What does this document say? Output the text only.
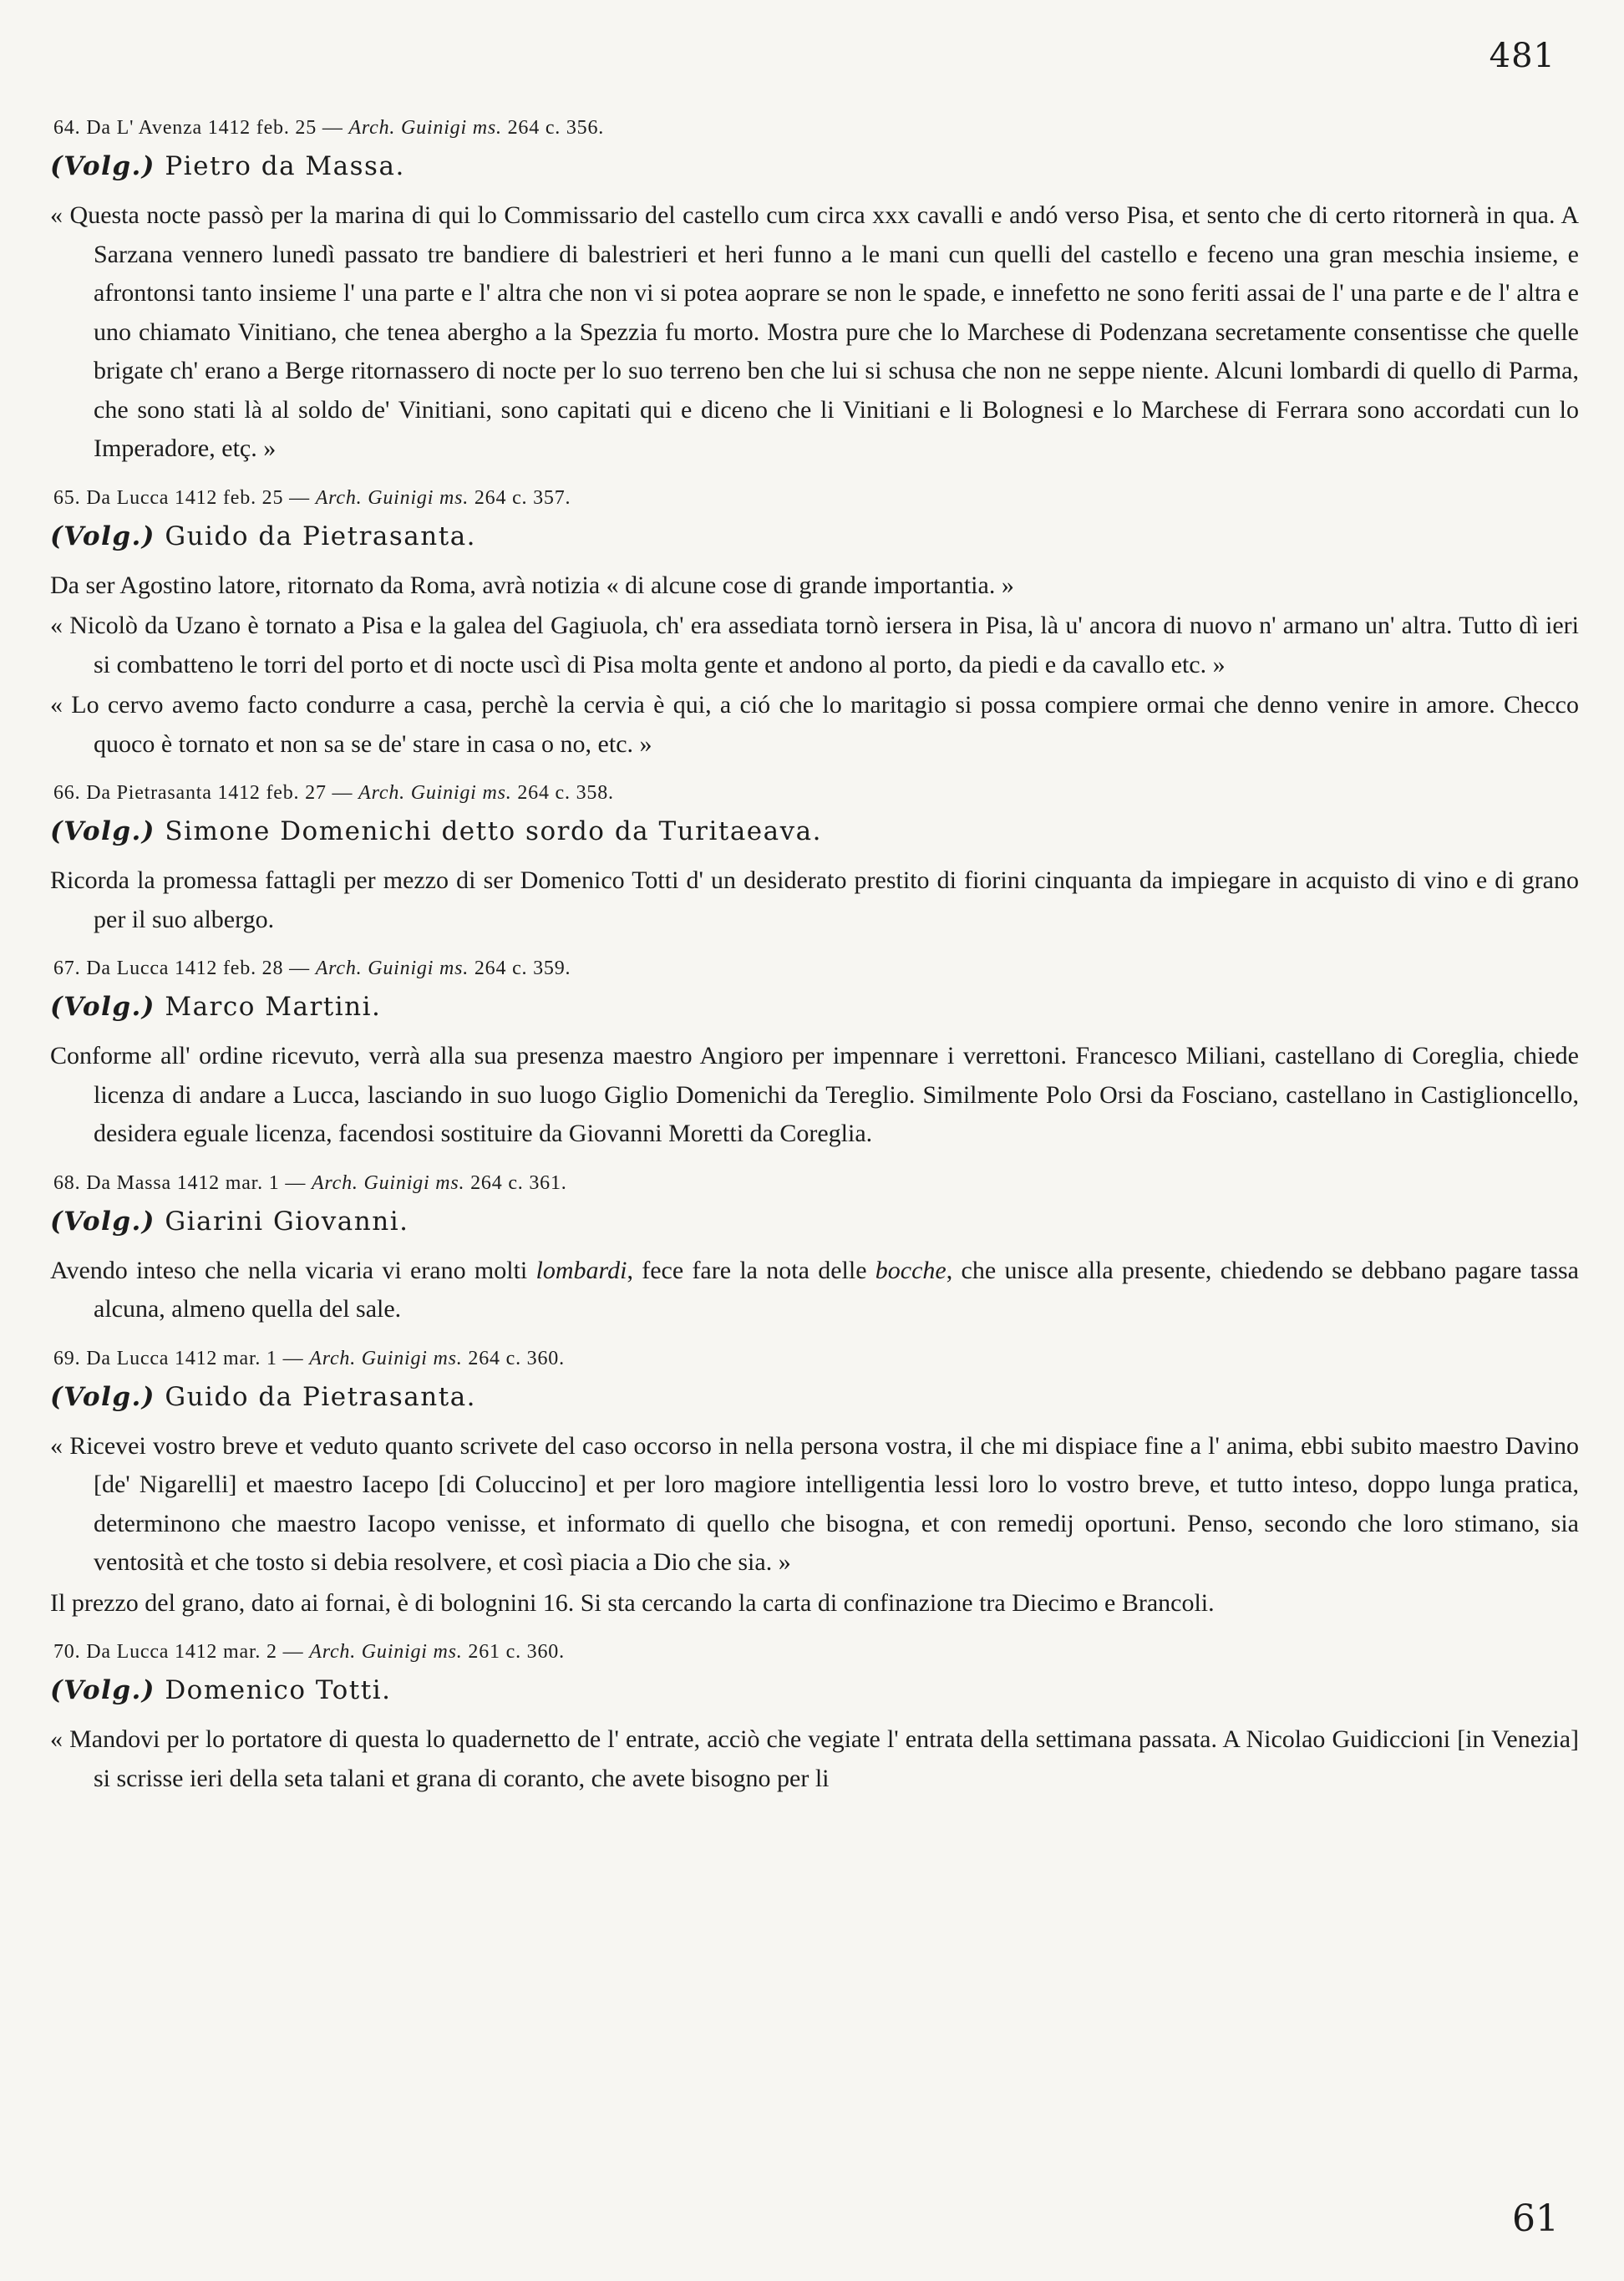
481
64. Da L' Avenza 1412 feb. 25 — Arch. Guinigi ms. 264 c. 356.
(Volg.) Pietro da Massa.

« Questa nocte passò per la marina di qui lo Commissario del castello cum circa xxx cavalli e andó verso Pisa, et sento che di certo ritornerà in qua. A Sarzana vennero lunedì passato tre bandiere di balestrieri et heri funno a le mani cun quelli del castello e feceno una gran meschia insieme, e afrontonsi tanto insieme l' una parte e l' altra che non vi si potea aoprare se non le spade, e innefetto ne sono feriti assai de l' una parte e de l' altra e uno chiamato Vinitiano, che tenea abergho a la Spezzia fu morto. Mostra pure che lo Marchese di Podenzana secretamente consentisse che quelle brigate ch' erano a Berge ritornassero di nocte per lo suo terreno ben che lui si schusa che non ne seppe niente. Alcuni lombardi di quello di Parma, che sono stati là al soldo de' Vinitiani, sono capitati qui e diceno che li Vinitiani e li Bolognesi e lo Marchese di Ferrara sono accordati cun lo Imperadore, etç. »

65. Da Lucca 1412 feb. 25 — Arch. Guinigi ms. 264 c. 357.
(Volg.) Guido da Pietrasanta.

Da ser Agostino latore, ritornato da Roma, avrà notizia « di alcune cose di grande importantia. »

« Nicolò da Uzano è tornato a Pisa e la galea del Gagiuola, ch' era assediata tornò iersera in Pisa, là u' ancora di nuovo n' armano un' altra. Tutto dì ieri si combatteno le torri del porto et di nocte uscì di Pisa molta gente et andono al porto, da piedi e da cavallo etc. »

« Lo cervo avemo facto condurre a casa, perchè la cervia è qui, a ció che lo maritagio si possa compiere ormai che denno venire in amore. Checco quoco è tornato et non sa se de' stare in casa o no, etc. »

66. Da Pietrasanta 1412 feb. 27 — Arch. Guinigi ms. 264 c. 358.
(Volg.) Simone Domenichi detto sordo da Turitaeava.

Ricorda la promessa fattagli per mezzo di ser Domenico Totti d' un desiderato prestito di fiorini cinquanta da impiegare in acquisto di vino e di grano per il suo albergo.

67. Da Lucca 1412 feb. 28 — Arch. Guinigi ms. 264 c. 359.
(Volg.) Marco Martini.

Conforme all' ordine ricevuto, verrà alla sua presenza maestro Angioro per impennare i verrettoni. Francesco Miliani, castellano di Coreglia, chiede licenza di andare a Lucca, lasciando in suo luogo Giglio Domenichi da Tereglio. Similmente Polo Orsi da Fosciano, castellano in Castiglioncello, desidera eguale licenza, facendosi sostituire da Giovanni Moretti da Coreglia.

68. Da Massa 1412 mar. 1 — Arch. Guinigi ms. 264 c. 361.
(Volg.) Giarini Giovanni.

Avendo inteso che nella vicaria vi erano molti lombardi, fece fare la nota delle bocche, che unisce alla presente, chiedendo se debbano pagare tassa alcuna, almeno quella del sale.

69. Da Lucca 1412 mar. 1 — Arch. Guinigi ms. 264 c. 360.
(Volg.) Guido da Pietrasanta.

« Ricevei vostro breve et veduto quanto scrivete del caso occorso in nella persona vostra, il che mi dispiace fine a l' anima, ebbi subito maestro Davino [de' Nigarelli] et maestro Iacepo [di Coluccino] et per loro magiore intelligentia lessi loro lo vostro breve, et tutto inteso, doppo lunga pratica, determinono che maestro Iacopo venisse, et informato di quello che bisogna, et con remedij oportuni. Penso, secondo che loro stimano, sia ventosità et che tosto si debia resolvere, et così piacia a Dio che sia. »

Il prezzo del grano, dato ai fornai, è di bolognini 16. Si sta cercando la carta di confinazione tra Diecimo e Brancoli.

70. Da Lucca 1412 mar. 2 — Arch. Guinigi ms. 261 c. 360.
(Volg.) Domenico Totti.

« Mandovi per lo portatore di questa lo quadernetto de l' entrate, acciò che vegiate l' entrata della settimana passata. A Nicolao Guidiccioni [in Venezia] si scrisse ieri della seta talani et grana di coranto, che avete bisogno per li

61
